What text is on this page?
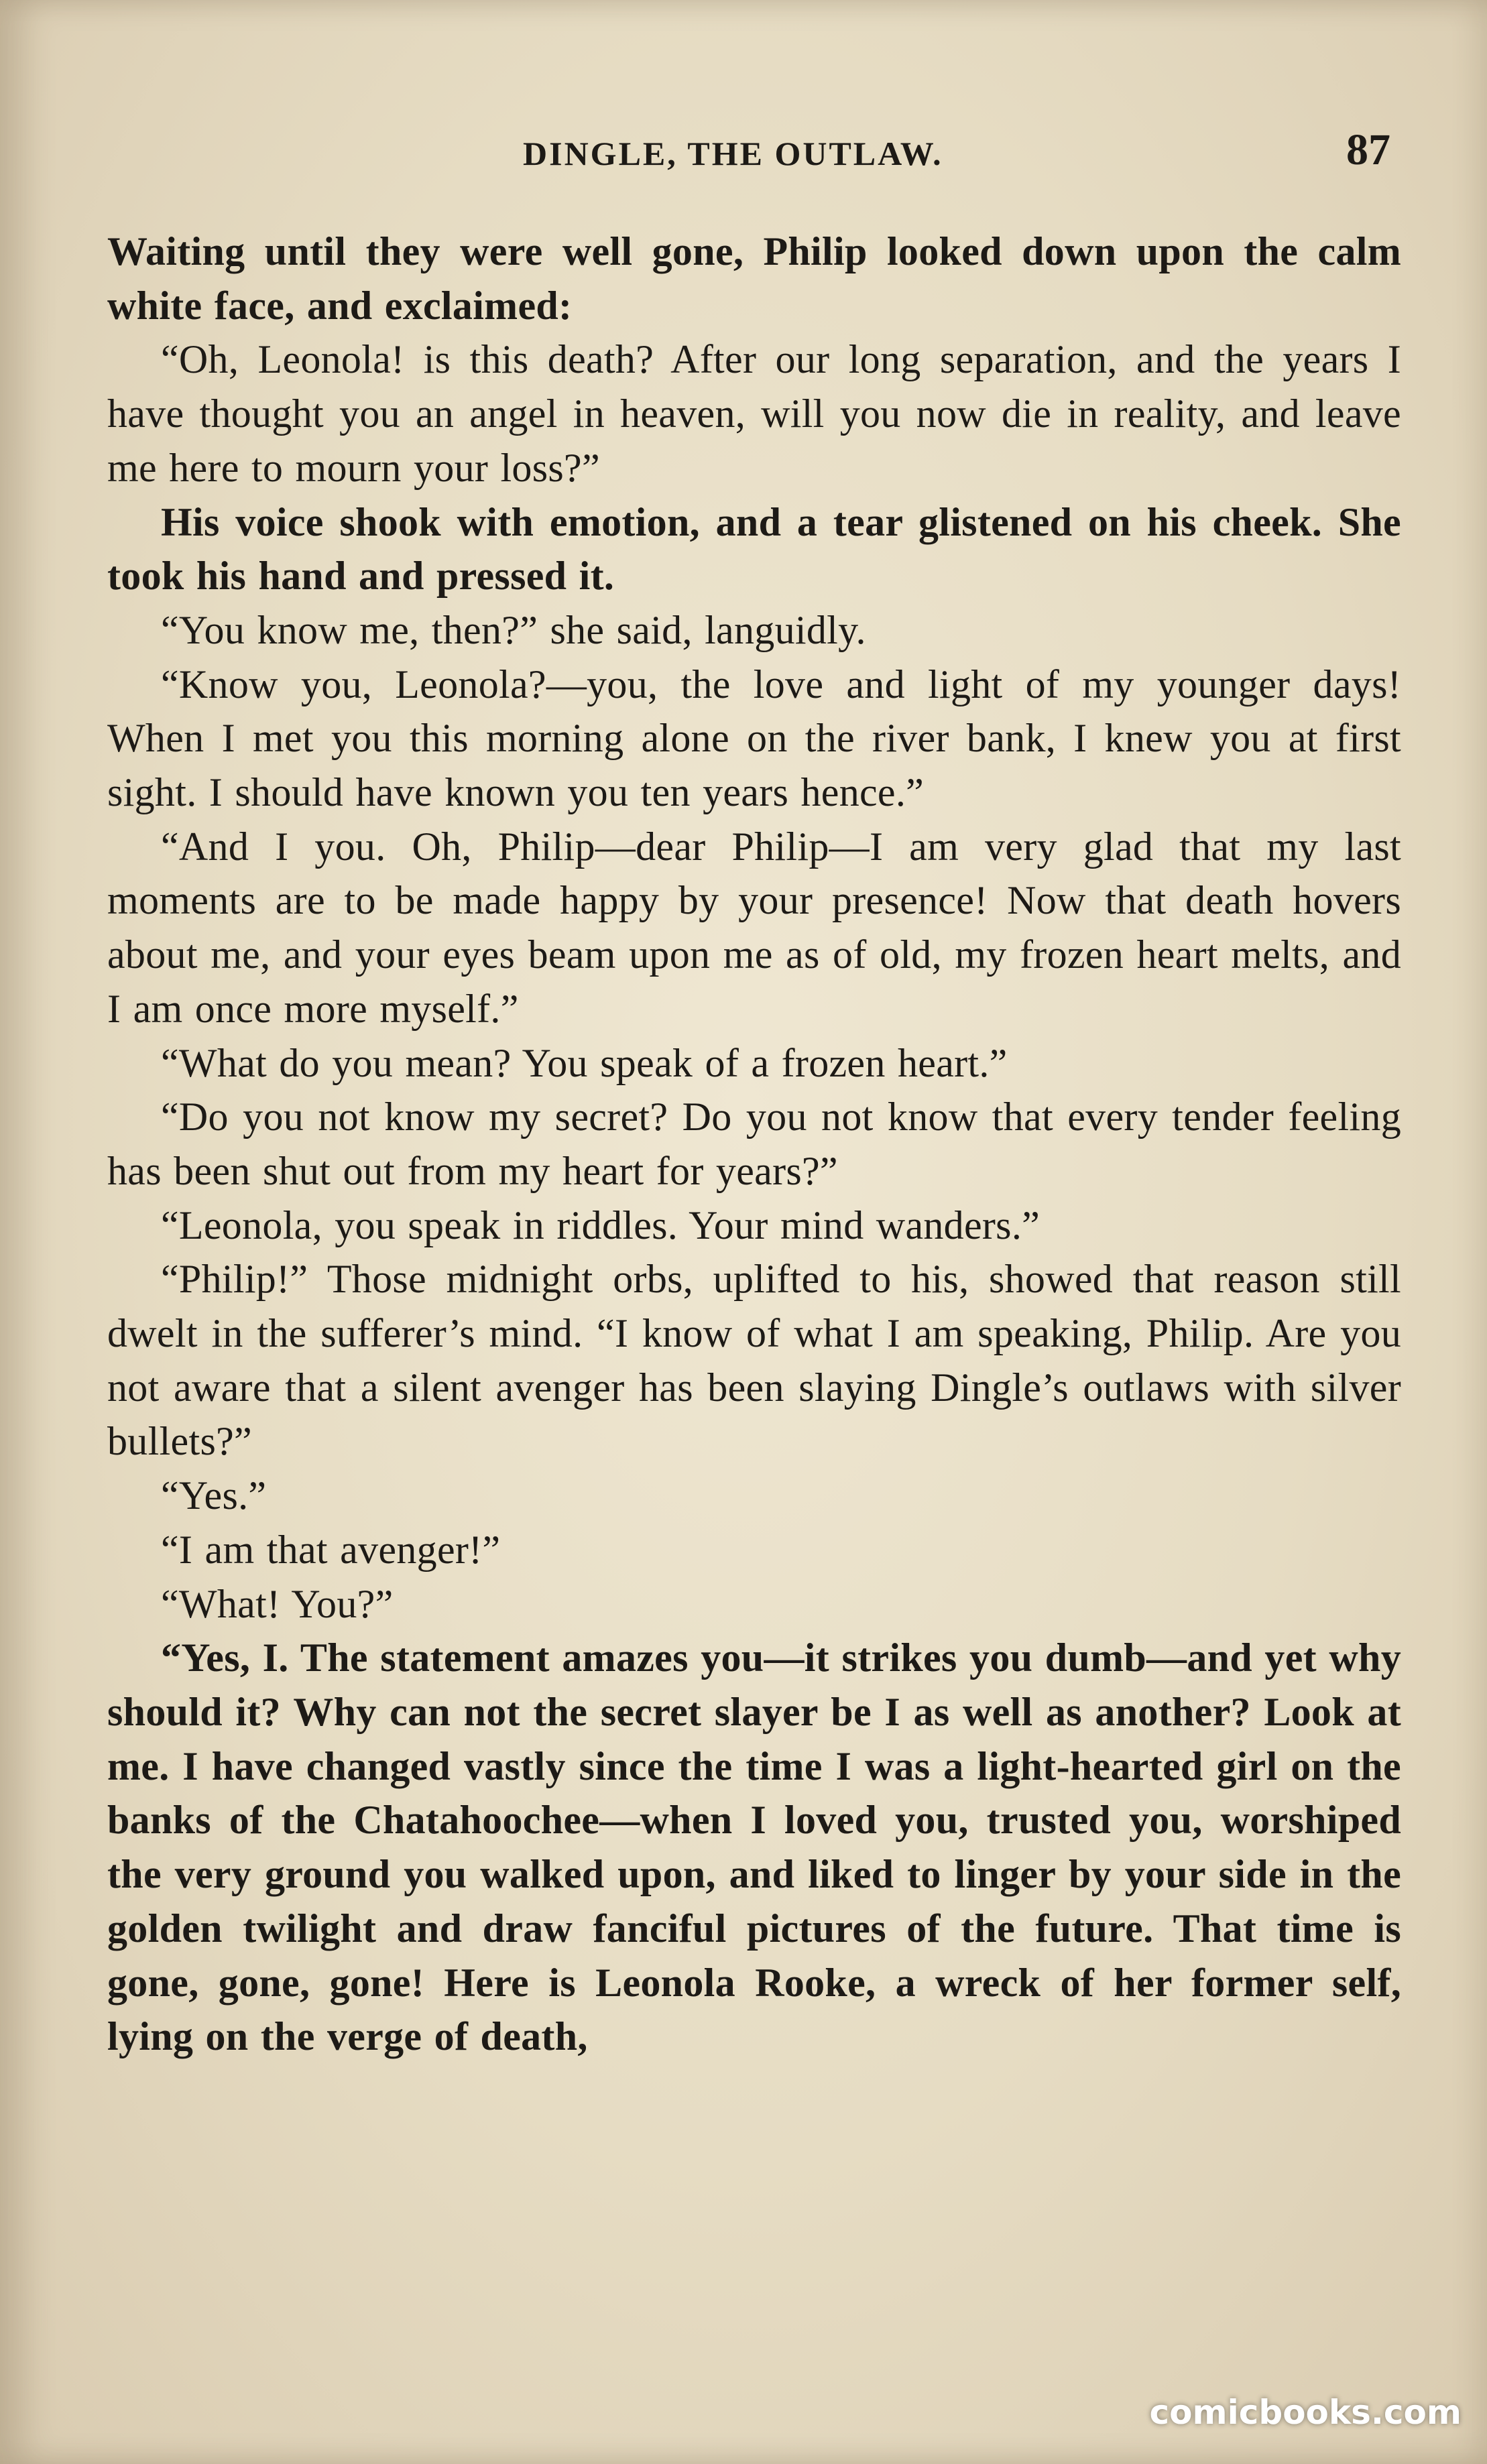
DINGLE, THE OUTLAW.	87

Waiting until they were well gone, Philip looked down upon the calm white face, and exclaimed:

“Oh, Leonola! is this death? After our long separation, and the years I have thought you an angel in heaven, will you now die in reality, and leave me here to mourn your loss?”

His voice shook with emotion, and a tear glistened on his cheek. She took his hand and pressed it.

“You know me, then?” she said, languidly.

“Know you, Leonola?—you, the love and light of my younger days! When I met you this morning alone on the river bank, I knew you at first sight. I should have known you ten years hence.”

“And I you. Oh, Philip—dear Philip—I am very glad that my last moments are to be made happy by your presence! Now that death hovers about me, and your eyes beam upon me as of old, my frozen heart melts, and I am once more myself.”

“What do you mean? You speak of a frozen heart.”

“Do you not know my secret? Do you not know that every tender feeling has been shut out from my heart for years?”

“Leonola, you speak in riddles. Your mind wanders.”

“Philip!” Those midnight orbs, uplifted to his, showed that reason still dwelt in the sufferer’s mind. “I know of what I am speaking, Philip. Are you not aware that a silent avenger has been slaying Dingle’s outlaws with silver bullets?”

“Yes.”

“I am that avenger!”

“What! You?”

“Yes, I. The statement amazes you—it strikes you dumb—and yet why should it? Why can not the secret slayer be I as well as another? Look at me. I have changed vastly since the time I was a light-hearted girl on the banks of the Chatahoochee—when I loved you, trusted you, worshiped the very ground you walked upon, and liked to linger by your side in the golden twilight and draw fanciful pictures of the future. That time is gone, gone, gone! Here is Leonola Rooke, a wreck of her former self, lying on the verge of death,

comicbooks.com
